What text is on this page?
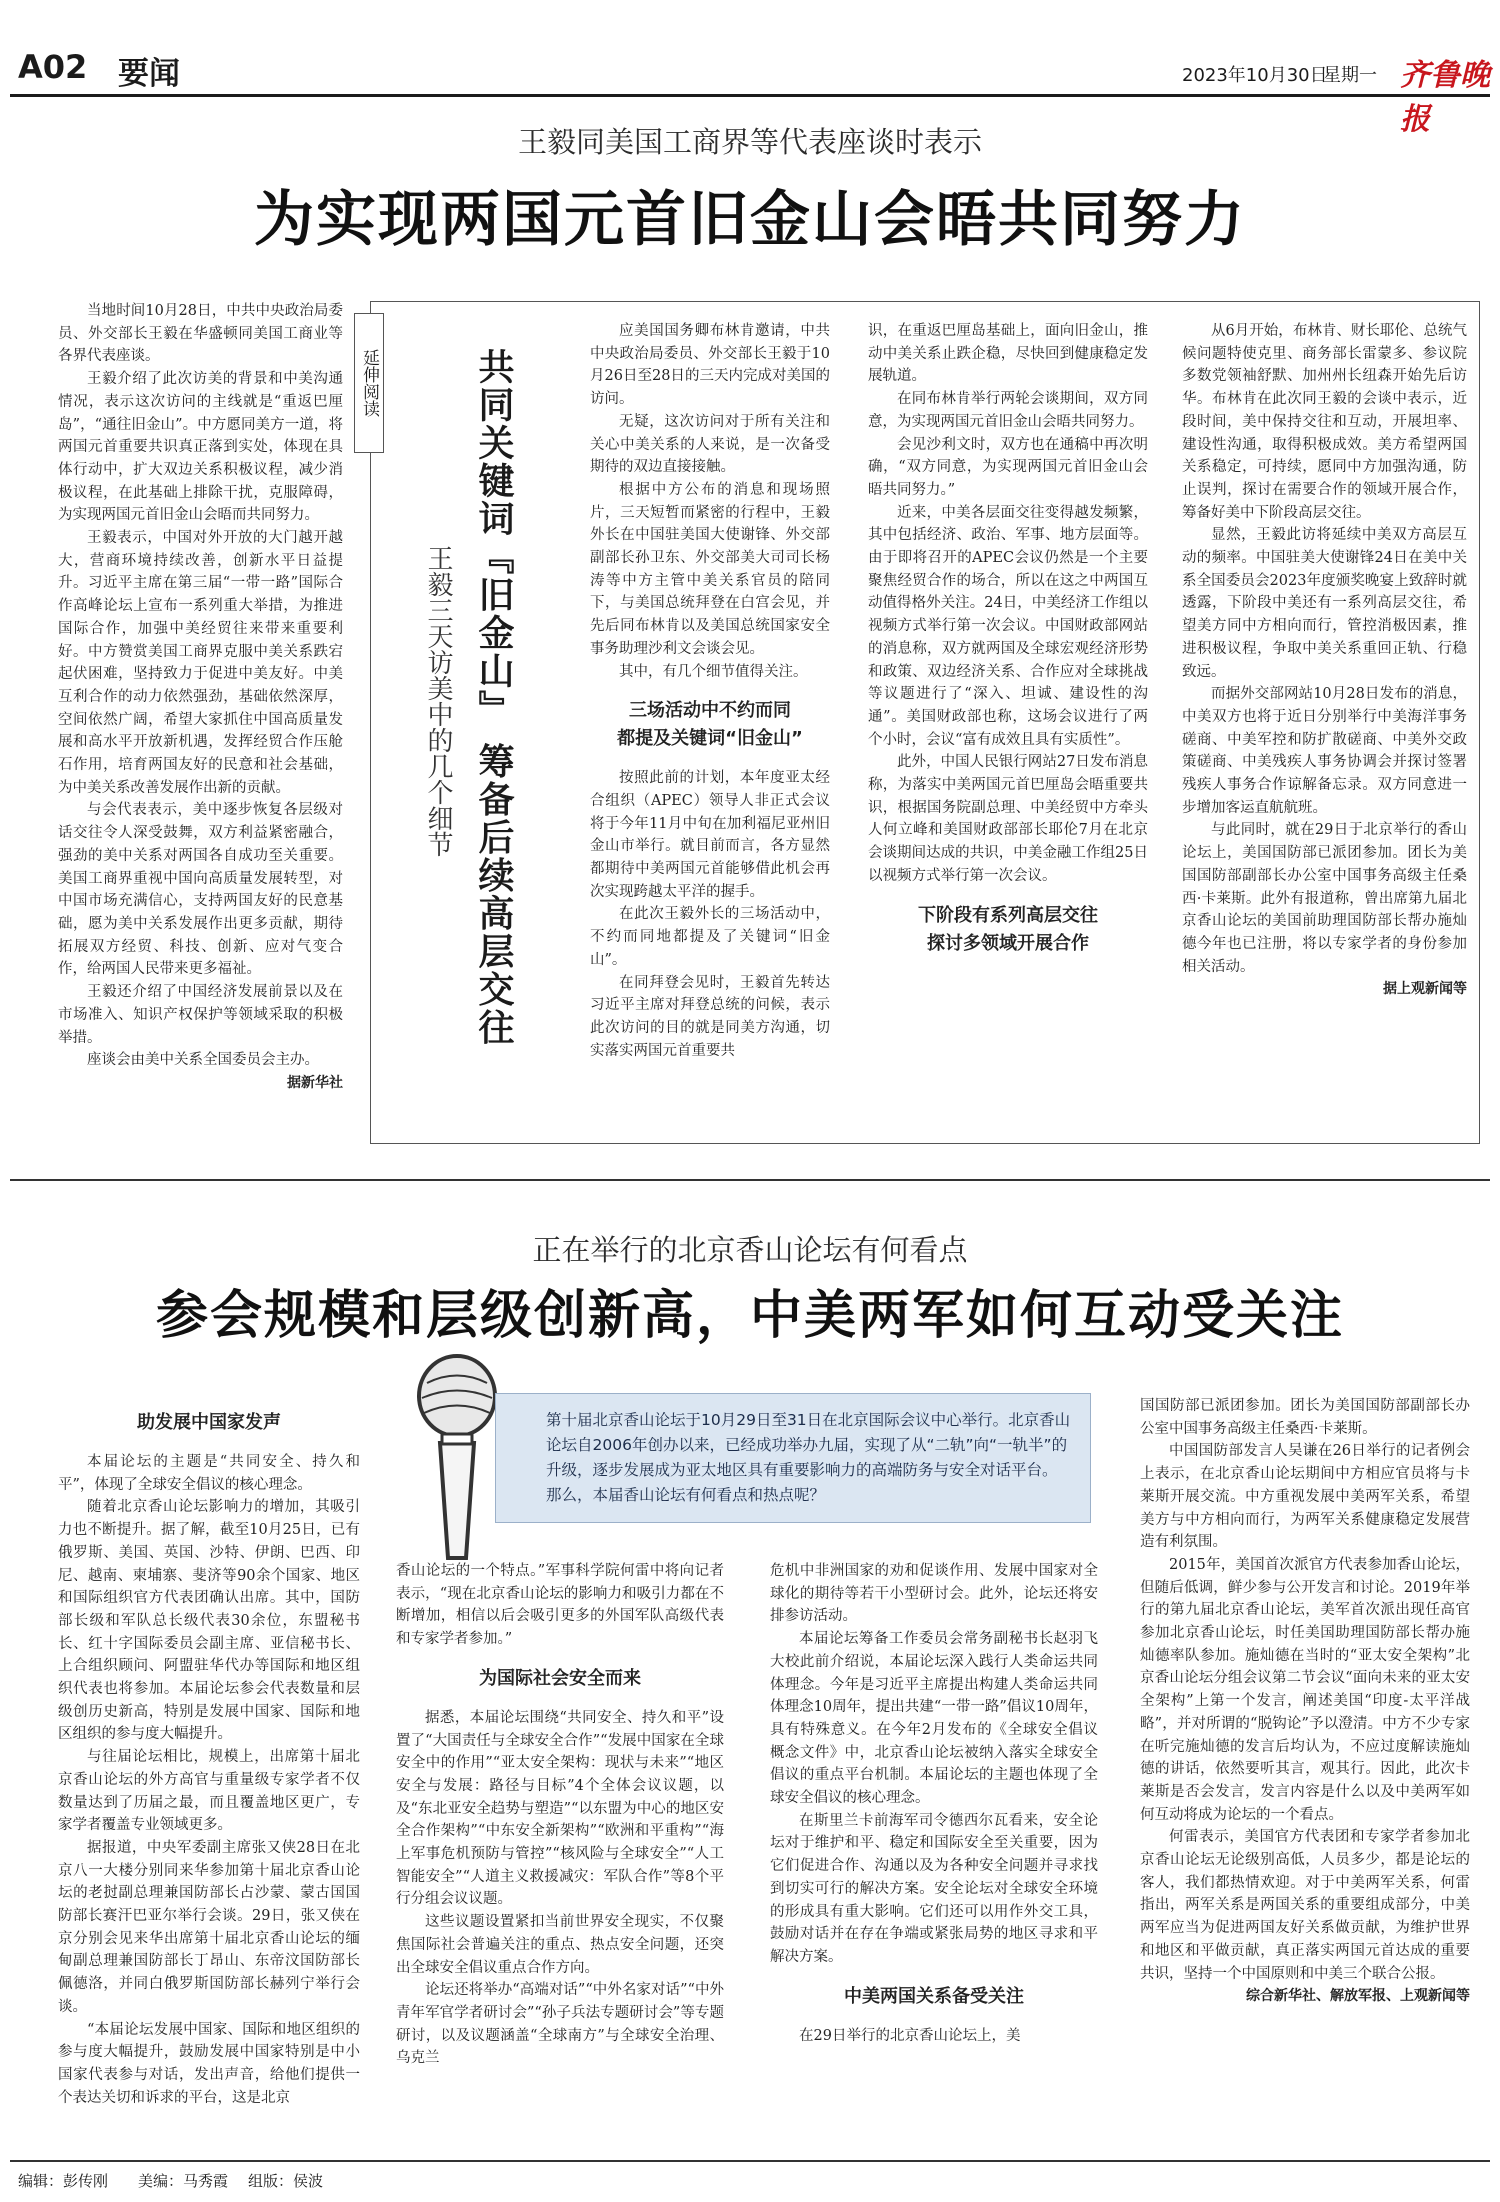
A02 要闻	2023年10月30日
星期一 齐鲁晚报
王毅同美国工商界等代表座谈时表示
为实现两国元首旧金山会晤共同努力

当地时间10月28日，中共中央政治局委员、外交部长王毅在华盛顿同美国工商业等各界代表座谈。

王毅介绍了此次访美的背景和中美沟通情况，表示这次访问的主线就是“重返巴厘岛”，“通往旧金山”。中方愿同美方一道，将两国元首重要共识真正落到实处，体现在具体行动中，扩大双边关系积极议程，减少消极议程，在此基础上排除干扰，克服障碍，为实现两国元首旧金山会晤而共同努力。

王毅表示，中国对外开放的大门越开越大，营商环境持续改善，创新水平日益提升。习近平主席在第三届“一带一路”国际合作高峰论坛上宣布一系列重大举措，为推进国际合作，加强中美经贸往来带来重要利好。中方赞赏美国工商界克服中美关系跌宕起伏困难，坚持致力于促进中美友好。中美互利合作的动力依然强劲，基础依然深厚，空间依然广阔，希望大家抓住中国高质量发展和高水平开放新机遇，发挥经贸合作压舱石作用，培育两国友好的民意和社会基础，为中美关系改善发展作出新的贡献。

与会代表表示，美中逐步恢复各层级对话交往令人深受鼓舞，双方利益紧密融合，强劲的美中关系对两国各自成功至关重要。美国工商界重视中国向高质量发展转型，对中国市场充满信心，支持两国友好的民意基础，愿为美中关系发展作出更多贡献，期待拓展双方经贸、科技、创新、应对气变合作，给两国人民带来更多福祉。

王毅还介绍了中国经济发展前景以及在市场准入、知识产权保护等领域采取的积极举措。

座谈会由美中关系全国委员会主办。

据新华社
延伸阅读	共同关键词『旧金山』 筹备后续高层交往
王毅三天访美中的几个细节

应美国国务卿布林肯邀请，中共中央政治局委员、外交部长王毅于10月26日至28日的三天内完成对美国的访问。

无疑，这次访问对于所有关注和关心中美关系的人来说，是一次备受期待的双边直接接触。

根据中方公布的消息和现场照片，三天短暂而紧密的行程中，王毅外长在中国驻美国大使谢锋、外交部副部长孙卫东、外交部美大司司长杨涛等中方主管中美关系官员的陪同下，与美国总统拜登在白宫会见，并先后同布林肯以及美国总统国家安全事务助理沙利文会谈会见。

其中，有几个细节值得关注。

三场活动中不约而同
都提及关键词“旧金山”

按照此前的计划，本年度亚太经合组织（APEC）领导人非正式会议将于今年11月中旬在加利福尼亚州旧金山市举行。就目前而言，各方显然都期待中美两国元首能够借此机会再次实现跨越太平洋的握手。

在此次王毅外长的三场活动中，不约而同地都提及了关键词“旧金山”。

在同拜登会见时，王毅首先转达习近平主席对拜登总统的问候，表示此次访问的目的就是同美方沟通，切实落实两国元首重要共

识，在重返巴厘岛基础上，面向旧金山，推动中美关系止跌企稳，尽快回到健康稳定发展轨道。

在同布林肯举行两轮会谈期间，双方同意，为实现两国元首旧金山会晤共同努力。

会见沙利文时，双方也在通稿中再次明确，“双方同意，为实现两国元首旧金山会晤共同努力。”

近来，中美各层面交往变得越发频繁，其中包括经济、政治、军事、地方层面等。由于即将召开的APEC会议仍然是一个主要聚焦经贸合作的场合，所以在这之中两国互动值得格外关注。24日，中美经济工作组以视频方式举行第一次会议。中国财政部网站的消息称，双方就两国及全球宏观经济形势和政策、双边经济关系、合作应对全球挑战等议题进行了“深入、坦诚、建设性的沟通”。美国财政部也称，这场会议进行了两个小时，会议“富有成效且具有实质性”。

此外，中国人民银行网站27日发布消息称，为落实中美两国元首巴厘岛会晤重要共识，根据国务院副总理、中美经贸中方牵头人何立峰和美国财政部部长耶伦7月在北京会谈期间达成的共识，中美金融工作组25日以视频方式举行第一次会议。

下阶段有系列高层交往
探讨多领域开展合作

从6月开始，布林肯、财长耶伦、总统气候问题特使克里、商务部长雷蒙多、参议院多数党领袖舒默、加州州长纽森开始先后访华。布林肯在此次同王毅的会谈中表示，近段时间，美中保持交往和互动，开展坦率、建设性沟通，取得积极成效。美方希望两国关系稳定，可持续，愿同中方加强沟通，防止误判，探讨在需要合作的领域开展合作，筹备好美中下阶段高层交往。

显然，王毅此访将延续中美双方高层互动的频率。中国驻美大使谢锋24日在美中关系全国委员会2023年度颁奖晚宴上致辞时就透露，下阶段中美还有一系列高层交往，希望美方同中方相向而行，管控消极因素，推进积极议程，争取中美关系重回正轨、行稳致远。

而据外交部网站10月28日发布的消息，中美双方也将于近日分别举行中美海洋事务磋商、中美军控和防扩散磋商、中美外交政策磋商、中美残疾人事务协调会并探讨签署残疾人事务合作谅解备忘录。双方同意进一步增加客运直航航班。

与此同时，就在29日于北京举行的香山论坛上，美国国防部已派团参加。团长为美国国防部副部长办公室中国事务高级主任桑西·卡莱斯。此外有报道称，曾出席第九届北京香山论坛的美国前助理国防部长帮办施灿德今年也已注册，将以专家学者的身份参加相关活动。

据上观新闻等
正在举行的北京香山论坛有何看点
参会规模和层级创新高，中美两军如何互动受关注
第十届北京香山论坛于10月29日至31日在北京国际会议中心举行。北京香山论坛自2006年创办以来，已经成功举办九届，实现了从“二轨”向“一轨半”的升级，逐步发展成为亚太地区具有重要影响力的高端防务与安全对话平台。那么，本届香山论坛有何看点和热点呢？
助发展中国家发声

本届论坛的主题是“共同安全、持久和平”，体现了全球安全倡议的核心理念。

随着北京香山论坛影响力的增加，其吸引力也不断提升。据了解，截至10月25日，已有俄罗斯、美国、英国、沙特、伊朗、巴西、印尼、越南、柬埔寨、斐济等90余个国家、地区和国际组织官方代表团确认出席。其中，国防部长级和军队总长级代表30余位，东盟秘书长、红十字国际委员会副主席、亚信秘书长、上合组织顾问、阿盟驻华代办等国际和地区组织代表也将参加。本届论坛参会代表数量和层级创历史新高，特别是发展中国家、国际和地区组织的参与度大幅提升。

与往届论坛相比，规模上，出席第十届北京香山论坛的外方高官与重量级专家学者不仅数量达到了历届之最，而且覆盖地区更广，专家学者覆盖专业领域更多。

据报道，中央军委副主席张又侠28日在北京八一大楼分别同来华参加第十届北京香山论坛的老挝副总理兼国防部长占沙蒙、蒙古国国防部长赛汗巴亚尔举行会谈。29日，张又侠在京分别会见来华出席第十届北京香山论坛的缅甸副总理兼国防部长丁昂山、东帝汶国防部长佩德洛，并同白俄罗斯国防部长赫列宁举行会谈。

“本届论坛发展中国家、国际和地区组织的参与度大幅提升，鼓励发展中国家特别是中小国家代表参与对话，发出声音，给他们提供一个表达关切和诉求的平台，这是北京

香山论坛的一个特点。”军事科学院何雷中将向记者表示，“现在北京香山论坛的影响力和吸引力都在不断增加，相信以后会吸引更多的外国军队高级代表和专家学者参加。”

为国际社会安全而来

据悉，本届论坛围绕“共同安全、持久和平”设置了“大国责任与全球安全合作”“发展中国家在全球安全中的作用”“亚太安全架构：现状与未来”“地区安全与发展：路径与目标”4个全体会议议题，以及“东北亚安全趋势与塑造”“以东盟为中心的地区安全合作架构”“中东安全新架构”“欧洲和平重构”“海上军事危机预防与管控”“核风险与全球安全”“人工智能安全”“人道主义救援减灾：军队合作”等8个平行分组会议议题。

这些议题设置紧扣当前世界安全现实，不仅聚焦国际社会普遍关注的重点、热点安全问题，还突出全球安全倡议重点合作方向。

论坛还将举办“高端对话”“中外名家对话”“中外青年军官学者研讨会”“孙子兵法专题研讨会”等专题研讨，以及议题涵盖“全球南方”与全球安全治理、乌克兰

危机中非洲国家的劝和促谈作用、发展中国家对全球化的期待等若干小型研讨会。此外，论坛还将安排参访活动。

本届论坛筹备工作委员会常务副秘书长赵羽飞大校此前介绍说，本届论坛深入践行人类命运共同体理念。今年是习近平主席提出构建人类命运共同体理念10周年，提出共建“一带一路”倡议10周年，具有特殊意义。在今年2月发布的《全球安全倡议概念文件》中，北京香山论坛被纳入落实全球安全倡议的重点平台机制。本届论坛的主题也体现了全球安全倡议的核心理念。

在斯里兰卡前海军司令德西尔瓦看来，安全论坛对于维护和平、稳定和国际安全至关重要，因为它们促进合作、沟通以及为各种安全问题并寻求找到切实可行的解决方案。安全论坛对全球安全环境的形成具有重大影响。它们还可以用作外交工具，鼓励对话并在存在争端或紧张局势的地区寻求和平解决方案。

中美两国关系备受关注

在29日举行的北京香山论坛上，美

国国防部已派团参加。团长为美国国防部副部长办公室中国事务高级主任桑西·卡莱斯。

中国国防部发言人吴谦在26日举行的记者例会上表示，在北京香山论坛期间中方相应官员将与卡莱斯开展交流。中方重视发展中美两军关系，希望美方与中方相向而行，为两军关系健康稳定发展营造有利氛围。

2015年，美国首次派官方代表参加香山论坛，但随后低调，鲜少参与公开发言和讨论。2019年举行的第九届北京香山论坛，美军首次派出现任高官参加北京香山论坛，时任美国助理国防部长帮办施灿德率队参加。施灿德在当时的“亚太安全架构”北京香山论坛分组会议第二节会议“面向未来的亚太安全架构”上第一个发言，阐述美国“印度-太平洋战略”，并对所谓的“脱钩论”予以澄清。中方不少专家在听完施灿德的发言后均认为，不应过度解读施灿德的讲话，依然要听其言，观其行。因此，此次卡莱斯是否会发言，发言内容是什么以及中美两军如何互动将成为论坛的一个看点。

何雷表示，美国官方代表团和专家学者参加北京香山论坛无论级别高低，人员多少，都是论坛的客人，我们都热情欢迎。对于中美两军关系，何雷指出，两军关系是两国关系的重要组成部分，中美两军应当为促进两国友好关系做贡献，为维护世界和地区和平做贡献，真正落实两国元首达成的重要共识，坚持一个中国原则和中美三个联合公报。

综合新华社、解放军报、上观新闻等
编辑：彭传刚 美编：马秀霞 组版：侯波
